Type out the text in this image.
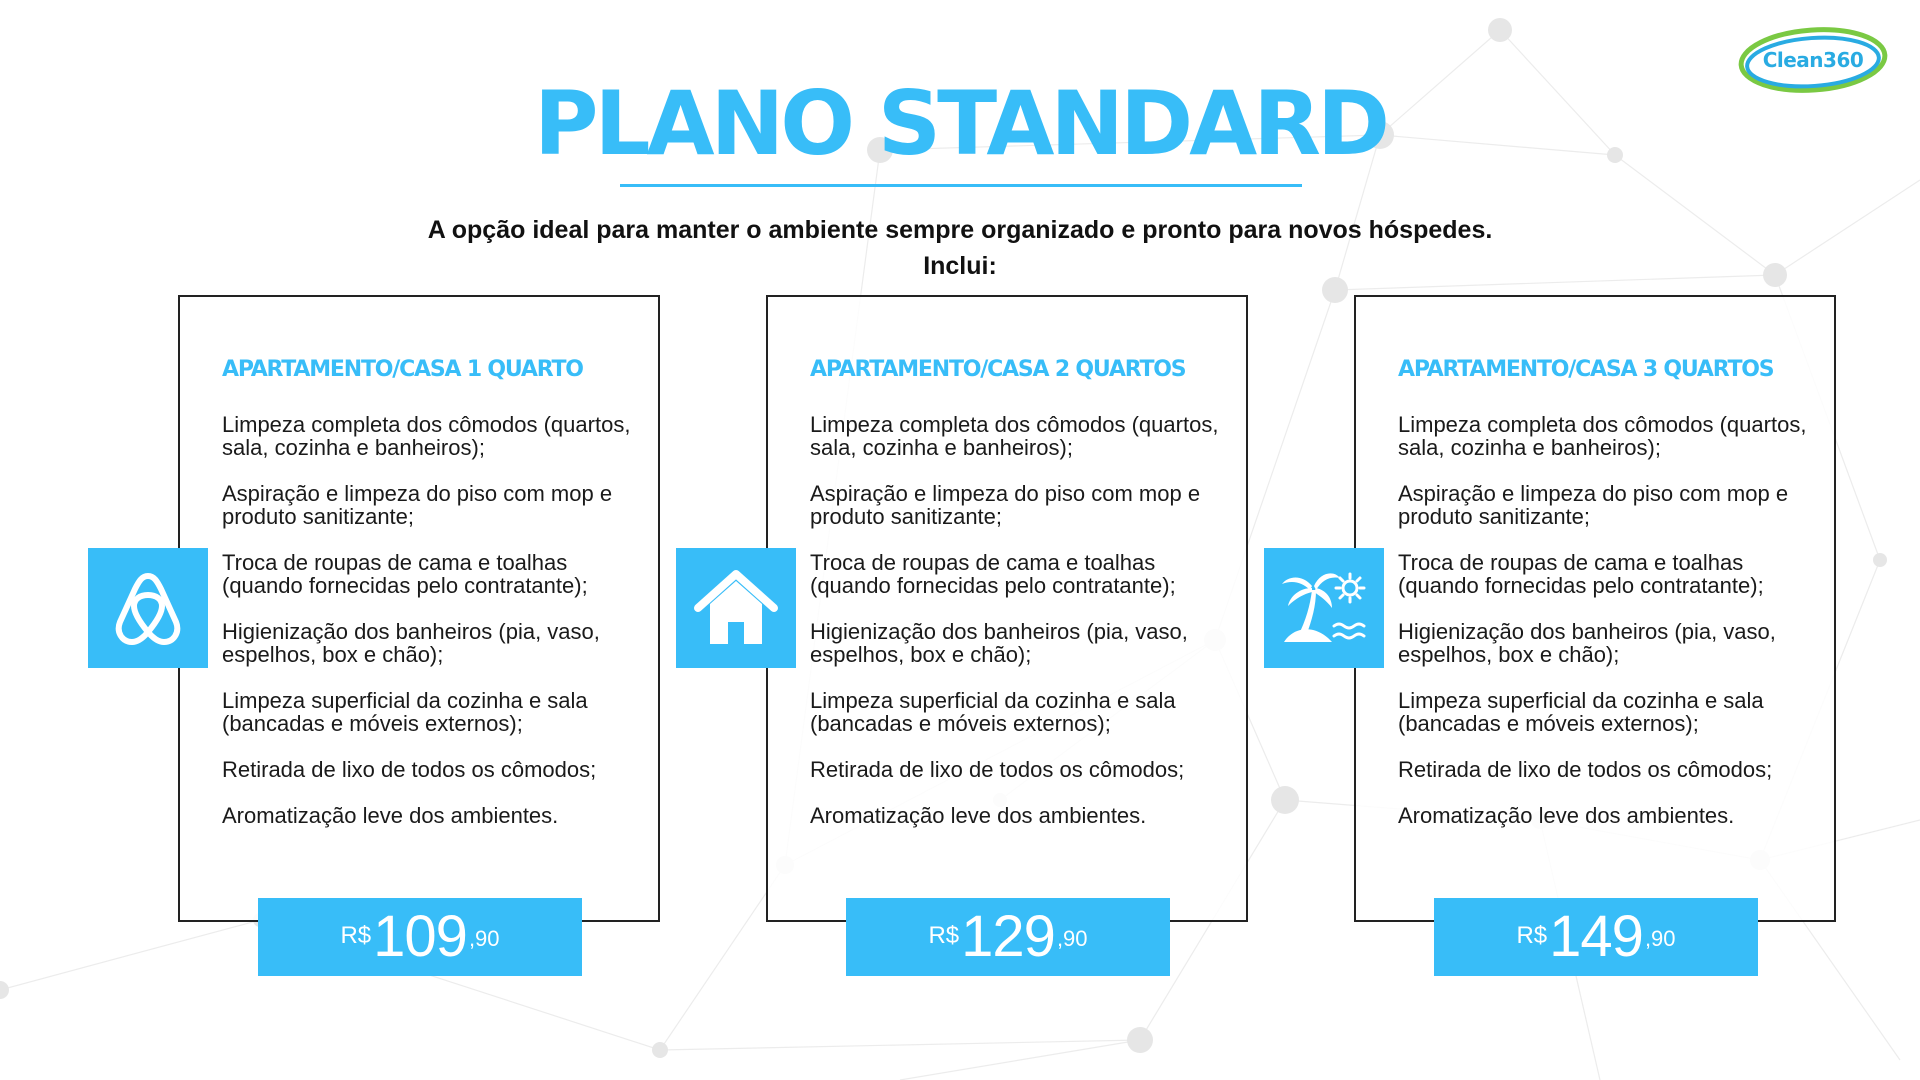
Clean360
PLANO STANDARD
A opção ideal para manter o ambiente sempre organizado e pronto para novos hóspedes.
Inclui:
APARTAMENTO/CASA 1 QUARTO
Limpeza completa dos cômodos (quartos, sala, cozinha e banheiros);
Aspiração e limpeza do piso com mop e produto sanitizante;
Troca de roupas de cama e toalhas (quando fornecidas pelo contratante);
Higienização dos banheiros (pia, vaso, espelhos, box e chão);
Limpeza superficial da cozinha e sala (bancadas e móveis externos);
Retirada de lixo de todos os cômodos;
Aromatização leve dos ambientes.
R$ 109 ,90
APARTAMENTO/CASA 2 QUARTOS
Limpeza completa dos cômodos (quartos, sala, cozinha e banheiros);
Aspiração e limpeza do piso com mop e produto sanitizante;
Troca de roupas de cama e toalhas (quando fornecidas pelo contratante);
Higienização dos banheiros (pia, vaso, espelhos, box e chão);
Limpeza superficial da cozinha e sala (bancadas e móveis externos);
Retirada de lixo de todos os cômodos;
Aromatização leve dos ambientes.
R$ 129 ,90
APARTAMENTO/CASA 3 QUARTOS
Limpeza completa dos cômodos (quartos, sala, cozinha e banheiros);
Aspiração e limpeza do piso com mop e produto sanitizante;
Troca de roupas de cama e toalhas (quando fornecidas pelo contratante);
Higienização dos banheiros (pia, vaso, espelhos, box e chão);
Limpeza superficial da cozinha e sala (bancadas e móveis externos);
Retirada de lixo de todos os cômodos;
Aromatização leve dos ambientes.
R$ 149 ,90
